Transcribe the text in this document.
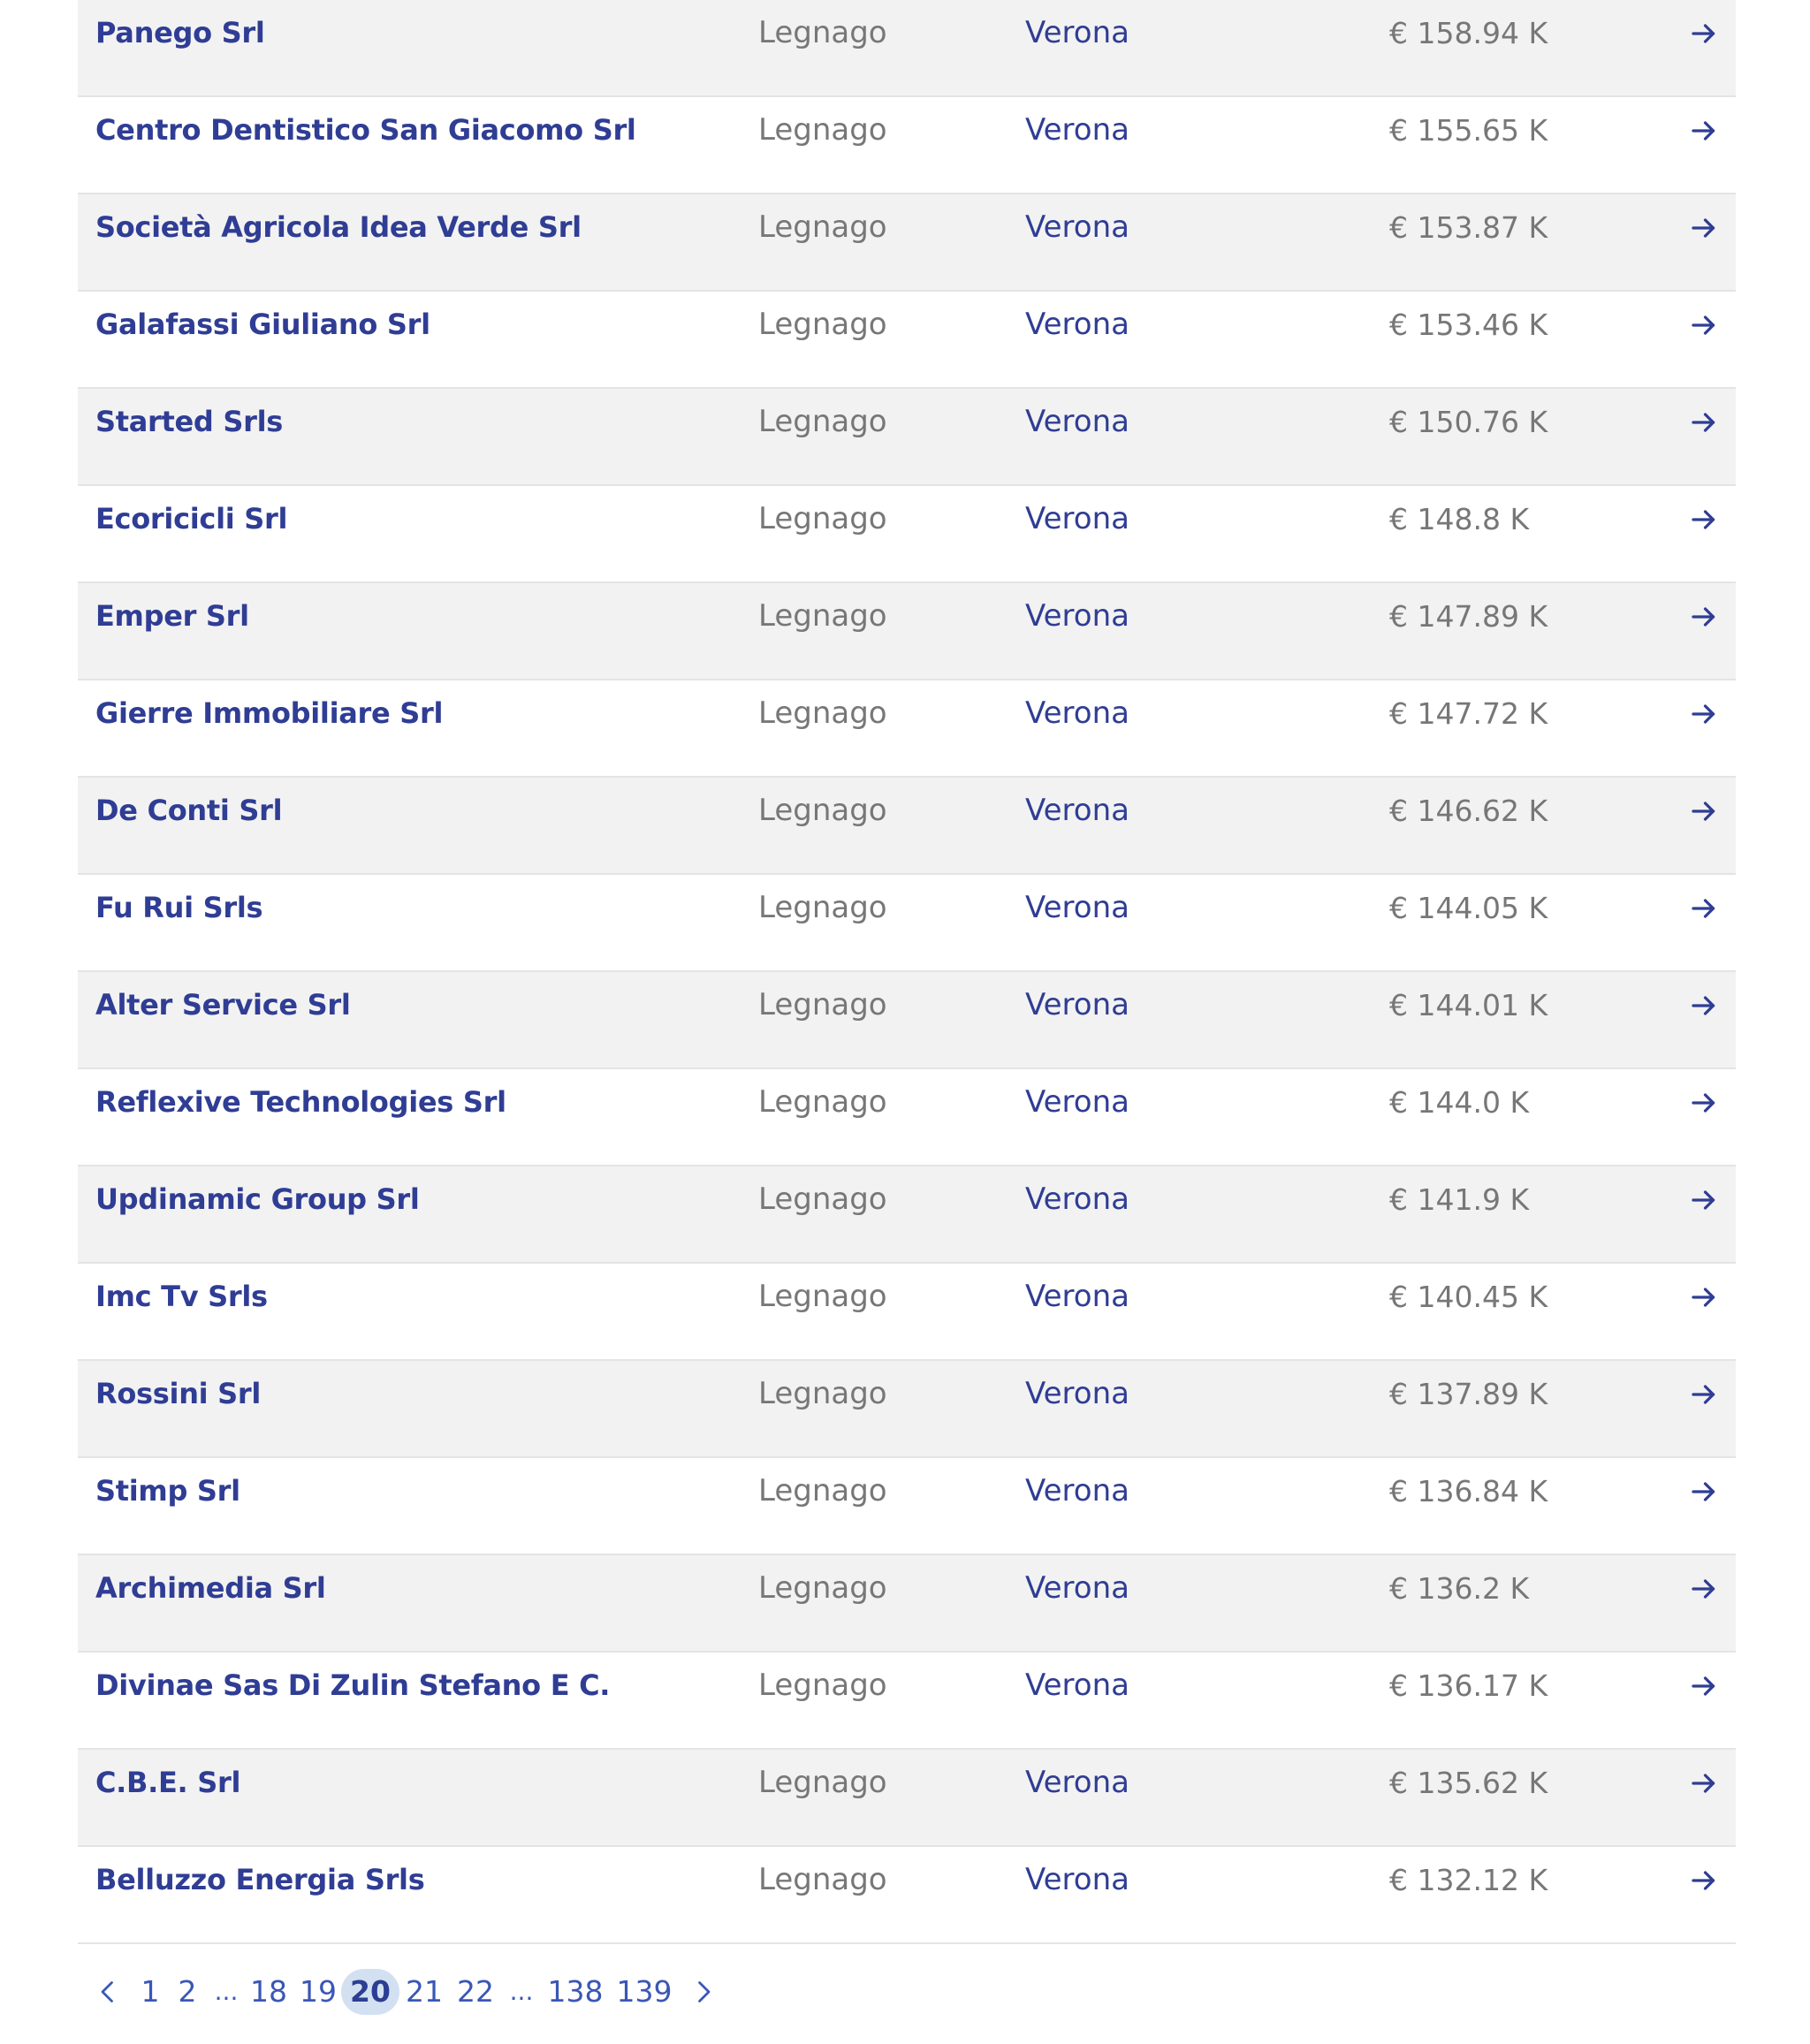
Panego Srl	Legnago	Verona	€ 158.94 K
Centro Dentistico San Giacomo Srl	Legnago	Verona	€ 155.65 K
Società Agricola Idea Verde Srl	Legnago	Verona	€ 153.87 K
Galafassi Giuliano Srl	Legnago	Verona	€ 153.46 K
Started Srls	Legnago	Verona	€ 150.76 K
Ecoricicli Srl	Legnago	Verona	€ 148.8 K
Emper Srl	Legnago	Verona	€ 147.89 K
Gierre Immobiliare Srl	Legnago	Verona	€ 147.72 K
De Conti Srl	Legnago	Verona	€ 146.62 K
Fu Rui Srls	Legnago	Verona	€ 144.05 K
Alter Service Srl	Legnago	Verona	€ 144.01 K
Reflexive Technologies Srl	Legnago	Verona	€ 144.0 K
Updinamic Group Srl	Legnago	Verona	€ 141.9 K
Imc Tv Srls	Legnago	Verona	€ 140.45 K
Rossini Srl	Legnago	Verona	€ 137.89 K
Stimp Srl	Legnago	Verona	€ 136.84 K
Archimedia Srl	Legnago	Verona	€ 136.2 K
Divinae Sas Di Zulin Stefano E C.	Legnago	Verona	€ 136.17 K
C.B.E. Srl	Legnago	Verona	€ 135.62 K
Belluzzo Energia Srls	Legnago	Verona	€ 132.12 K
1 2 ... 18 19 20 21 22 ... 138 139
